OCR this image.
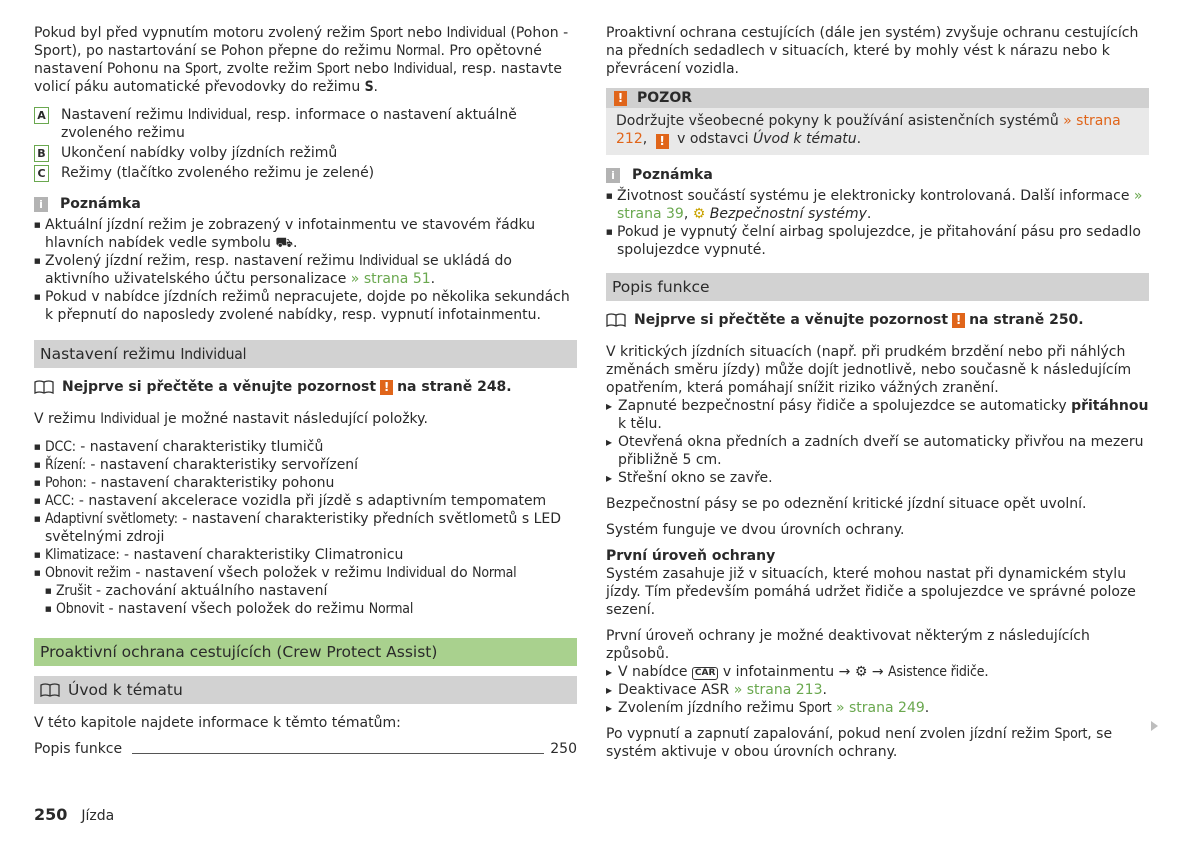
Pokud byl před vypnutím motoru zvolený režim Sport nebo Individual (Pohon - Sport), po nastartování se Pohon přepne do režimu Normal. Pro opětovné nastavení Pohonu na Sport, zvolte režim Sport nebo Individual, resp. nastavte volicí páku automatické převodovky do režimu S.

A Nastavení režimu Individual, resp. informace o nastavení aktuálně zvoleného režimu
B Ukončení nabídky volby jízdních režimů
C Režimy (tlačítko zvoleného režimu je zelené)
i	Poznámka
■ Aktuální jízdní režim je zobrazený v infotainmentu ve stavovém řádku hlavních nabídek vedle symbolu ⛟.
■ Zvolený jízdní režim, resp. nastavení režimu Individual se ukládá do aktivního uživatelského účtu personalizace » strana 51.
■ Pokud v nabídce jízdních režimů nepracujete, dojde po několika sekundách k přepnutí do naposledy zvolené nabídky, resp. vypnutí infotainmentu.
Nastavení režimu Individual
Nejprve si přečtěte a věnujte pozornost ! na straně 248.

V režimu Individual je možné nastavit následující položky.

■ DCC: - nastavení charakteristiky tlumičů
■ Řízení: - nastavení charakteristiky servořízení
■ Pohon: - nastavení charakteristiky pohonu
■ ACC: - nastavení akcelerace vozidla při jízdě s adaptivním tempomatem
■ Adaptivní světlomety: - nastavení charakteristiky předních světlometů s LED světelnými zdroji
■ Klimatizace: - nastavení charakteristiky Climatronicu
■ Obnovit režim - nastavení všech položek v režimu Individual do Normal
■ Zrušit - zachování aktuálního nastavení
■ Obnovit - nastavení všech položek do režimu Normal
Proaktivní ochrana cestujících (Crew Protect Assist)
Úvod k tématu

V této kapitole najdete informace k těmto tématům:

Popis funkce	250

Proaktivní ochrana cestujících (dále jen systém) zvyšuje ochranu cestujících na předních sedadlech v situacích, které by mohly vést k nárazu nebo k převrácení vozidla.

! POZOR
Dodržujte všeobecné pokyny k používání asistenčních systémů » strana 212, ! v odstavci Úvod k tématu.
i	Poznámka
■ Životnost součástí systému je elektronicky kontrolovaná. Další informace » strana 39, ⚙ Bezpečnostní systémy.
■ Pokud je vypnutý čelní airbag spolujezdce, je přitahování pásu pro sedadlo spolujezdce vypnuté.
Popis funkce
Nejprve si přečtěte a věnujte pozornost ! na straně 250.

V kritických jízdních situacích (např. při prudkém brzdění nebo při náhlých změnách směru jízdy) může dojít jednotlivě, nebo současně k následujícím opatřením, která pomáhají snížit riziko vážných zranění.

▸ Zapnuté bezpečnostní pásy řidiče a spolujezdce se automaticky přitáhnou k tělu.
▸ Otevřená okna předních a zadních dveří se automaticky přivřou na mezeru přibližně 5 cm.
▸ Střešní okno se zavře.

Bezpečnostní pásy se po odeznění kritické jízdní situace opět uvolní.

Systém funguje ve dvou úrovních ochrany.

První úroveň ochrany

Systém zasahuje již v situacích, které mohou nastat při dynamickém stylu jízdy. Tím především pomáhá udržet řidiče a spolujezdce ve správné poloze sezení.

První úroveň ochrany je možné deaktivovat některým z následujících způsobů.

▸ V nabídce CAR v infotainmentu → ⚙ → Asistence řidiče.
▸ Deaktivace ASR » strana 213.
▸ Zvolením jízdního režimu Sport » strana 249.

Po vypnutí a zapnutí zapalování, pokud není zvolen jízdní režim Sport, se systém aktivuje v obou úrovních ochrany.

250 Jízda
